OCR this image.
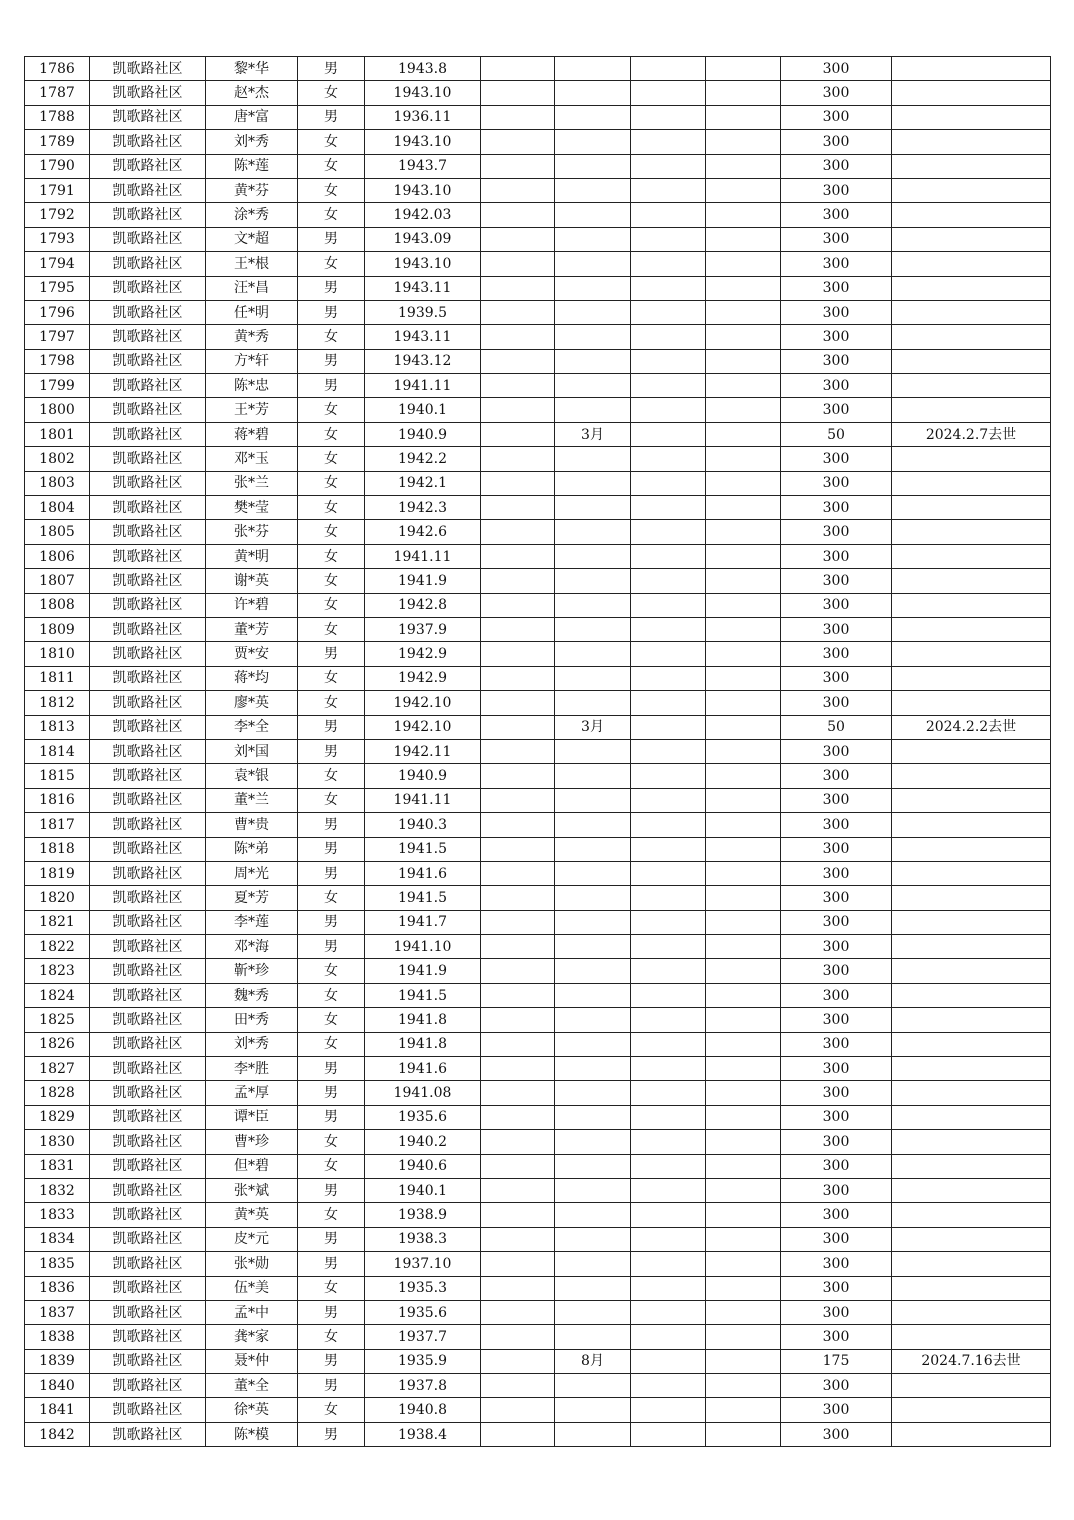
1786	凯歌路社区	黎*华	男	1943.8					300	
1787	凯歌路社区	赵*杰	女	1943.10					300	
1788	凯歌路社区	唐*富	男	1936.11					300	
1789	凯歌路社区	刘*秀	女	1943.10					300	
1790	凯歌路社区	陈*莲	女	1943.7					300	
1791	凯歌路社区	黄*芬	女	1943.10					300	
1792	凯歌路社区	涂*秀	女	1942.03					300	
1793	凯歌路社区	文*超	男	1943.09					300	
1794	凯歌路社区	王*根	女	1943.10					300	
1795	凯歌路社区	汪*昌	男	1943.11					300	
1796	凯歌路社区	任*明	男	1939.5					300	
1797	凯歌路社区	黄*秀	女	1943.11					300	
1798	凯歌路社区	方*轩	男	1943.12					300	
1799	凯歌路社区	陈*忠	男	1941.11					300	
1800	凯歌路社区	王*芳	女	1940.1					300	
1801	凯歌路社区	蒋*碧	女	1940.9		3月			50	2024.2.7去世
1802	凯歌路社区	邓*玉	女	1942.2					300	
1803	凯歌路社区	张*兰	女	1942.1					300	
1804	凯歌路社区	樊*莹	女	1942.3					300	
1805	凯歌路社区	张*芬	女	1942.6					300	
1806	凯歌路社区	黄*明	女	1941.11					300	
1807	凯歌路社区	谢*英	女	1941.9					300	
1808	凯歌路社区	许*碧	女	1942.8					300	
1809	凯歌路社区	董*芳	女	1937.9					300	
1810	凯歌路社区	贾*安	男	1942.9					300	
1811	凯歌路社区	蒋*均	女	1942.9					300	
1812	凯歌路社区	廖*英	女	1942.10					300	
1813	凯歌路社区	李*全	男	1942.10		3月			50	2024.2.2去世
1814	凯歌路社区	刘*国	男	1942.11					300	
1815	凯歌路社区	袁*银	女	1940.9					300	
1816	凯歌路社区	董*兰	女	1941.11					300	
1817	凯歌路社区	曹*贵	男	1940.3					300	
1818	凯歌路社区	陈*弟	男	1941.5					300	
1819	凯歌路社区	周*光	男	1941.6					300	
1820	凯歌路社区	夏*芳	女	1941.5					300	
1821	凯歌路社区	李*莲	男	1941.7					300	
1822	凯歌路社区	邓*海	男	1941.10					300	
1823	凯歌路社区	靳*珍	女	1941.9					300	
1824	凯歌路社区	魏*秀	女	1941.5					300	
1825	凯歌路社区	田*秀	女	1941.8					300	
1826	凯歌路社区	刘*秀	女	1941.8					300	
1827	凯歌路社区	李*胜	男	1941.6					300	
1828	凯歌路社区	孟*厚	男	1941.08					300	
1829	凯歌路社区	谭*臣	男	1935.6					300	
1830	凯歌路社区	曹*珍	女	1940.2					300	
1831	凯歌路社区	但*碧	女	1940.6					300	
1832	凯歌路社区	张*斌	男	1940.1					300	
1833	凯歌路社区	黄*英	女	1938.9					300	
1834	凯歌路社区	皮*元	男	1938.3					300	
1835	凯歌路社区	张*勋	男	1937.10					300	
1836	凯歌路社区	伍*美	女	1935.3					300	
1837	凯歌路社区	孟*中	男	1935.6					300	
1838	凯歌路社区	龚*家	女	1937.7					300	
1839	凯歌路社区	聂*仲	男	1935.9		8月			175	2024.7.16去世
1840	凯歌路社区	董*全	男	1937.8					300	
1841	凯歌路社区	徐*英	女	1940.8					300	
1842	凯歌路社区	陈*模	男	1938.4					300	
